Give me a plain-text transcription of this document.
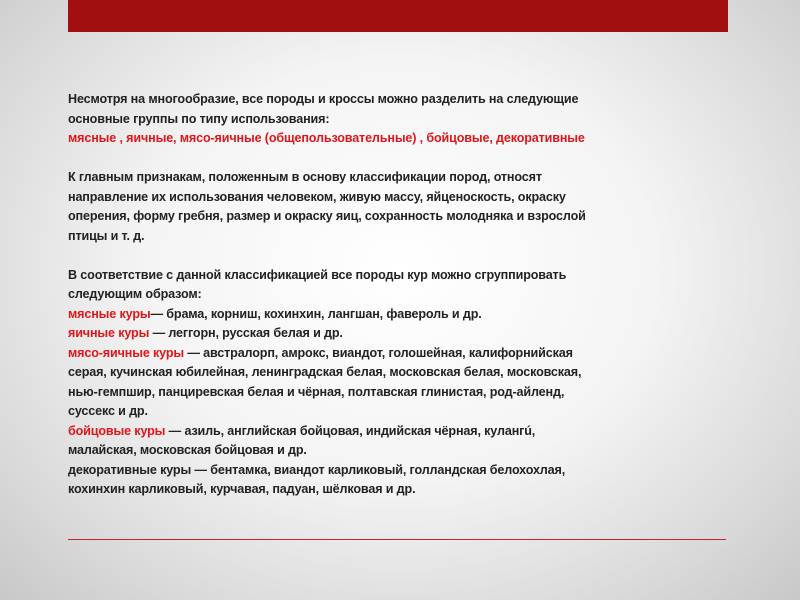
Несмотря на многообразие, все породы и кроссы можно разделить на следующие
основные группы по типу использования:
мясные , яичные, мясо-яичные (общепользовательные) , бойцовые, декоративные
К главным признакам, положенным в основу классификации пород, относят
направление их использования человеком, живую массу, яйценоскость, окраску
оперения, форму гребня, размер и окраску яиц, сохранность молодняка и взрослой
птицы и т. д.
В соответствие с данной классификацией все породы кур можно сгруппировать
следующим образом:
мясные куры— брама, корниш, кохинхин, лангшан, фавероль и др.
яичные куры — леггорн, русская белая и др.
мясо-яичные куры — австралорп, амрокс, виандот, голошейная, калифорнийская
серая, кучинская юбилейная, ленинградская белая, московская белая, московская,
нью-гемпшир, панциревская белая и чёрная, полтавская глинистая, род-айленд,
суссекс и др.
бойцовые куры — азиль, английская бойцовая, индийская чёрная, кулангú,
малайская, московская бойцовая и др.
декоративные куры — бентамка, виандот карликовый, голландская белохохлая,
кохинхин карликовый, курчавая, падуан, шёлковая и др.
